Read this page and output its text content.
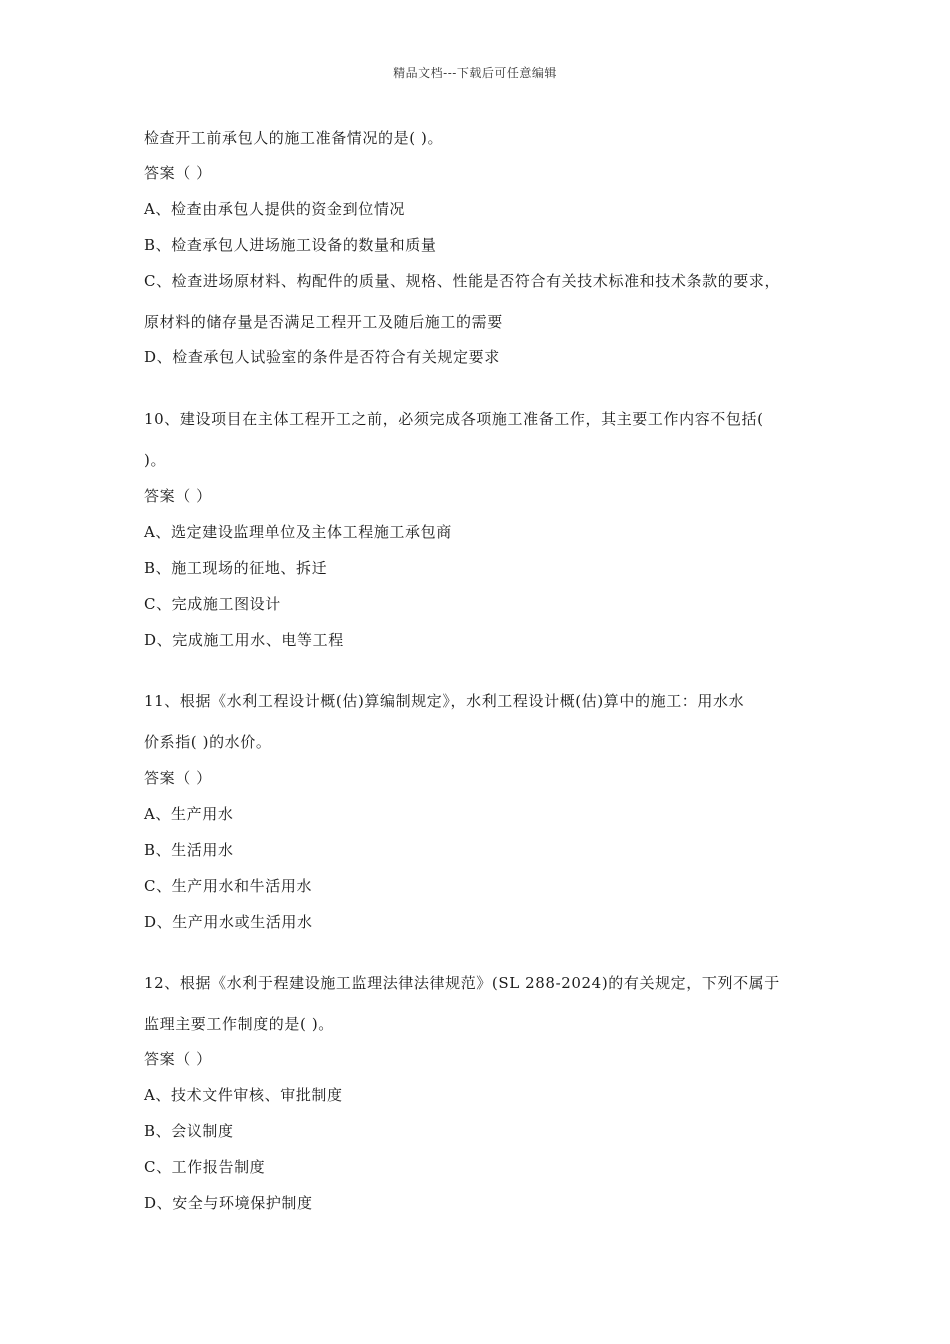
精品文档---下载后可任意编辑
检查开工前承包人的施工准备情况的是( )。
答案（ ）
A、检查由承包人提供的资金到位情况
B、检查承包人进场施工设备的数量和质量
C、检查进场原材料、构配件的质量、规格、性能是否符合有关技术标准和技术条款的要求，
原材料的储存量是否满足工程开工及随后施工的需要
D、检查承包人试验室的条件是否符合有关规定要求
10、建设项目在主体工程开工之前，必须完成各项施工准备工作，其主要工作内容不包括(
)。
答案（ ）
A、选定建设监理单位及主体工程施工承包商
B、施工现场的征地、拆迁
C、完成施工图设计
D、完成施工用水、电等工程
11、根据《水利工程设计概(估)算编制规定》，水利工程设计概(估)算中的施工：用水水
价系指( )的水价。
答案（ ）
A、生产用水
B、生活用水
C、生产用水和牛活用水
D、生产用水或生活用水
12、根据《水利于程建设施工监理法律法律规范》(SL 288-2024)的有关规定，下列不属于
监理主要工作制度的是( )。
答案（ ）
A、技术文件审核、审批制度
B、会议制度
C、工作报告制度
D、安全与环境保护制度
